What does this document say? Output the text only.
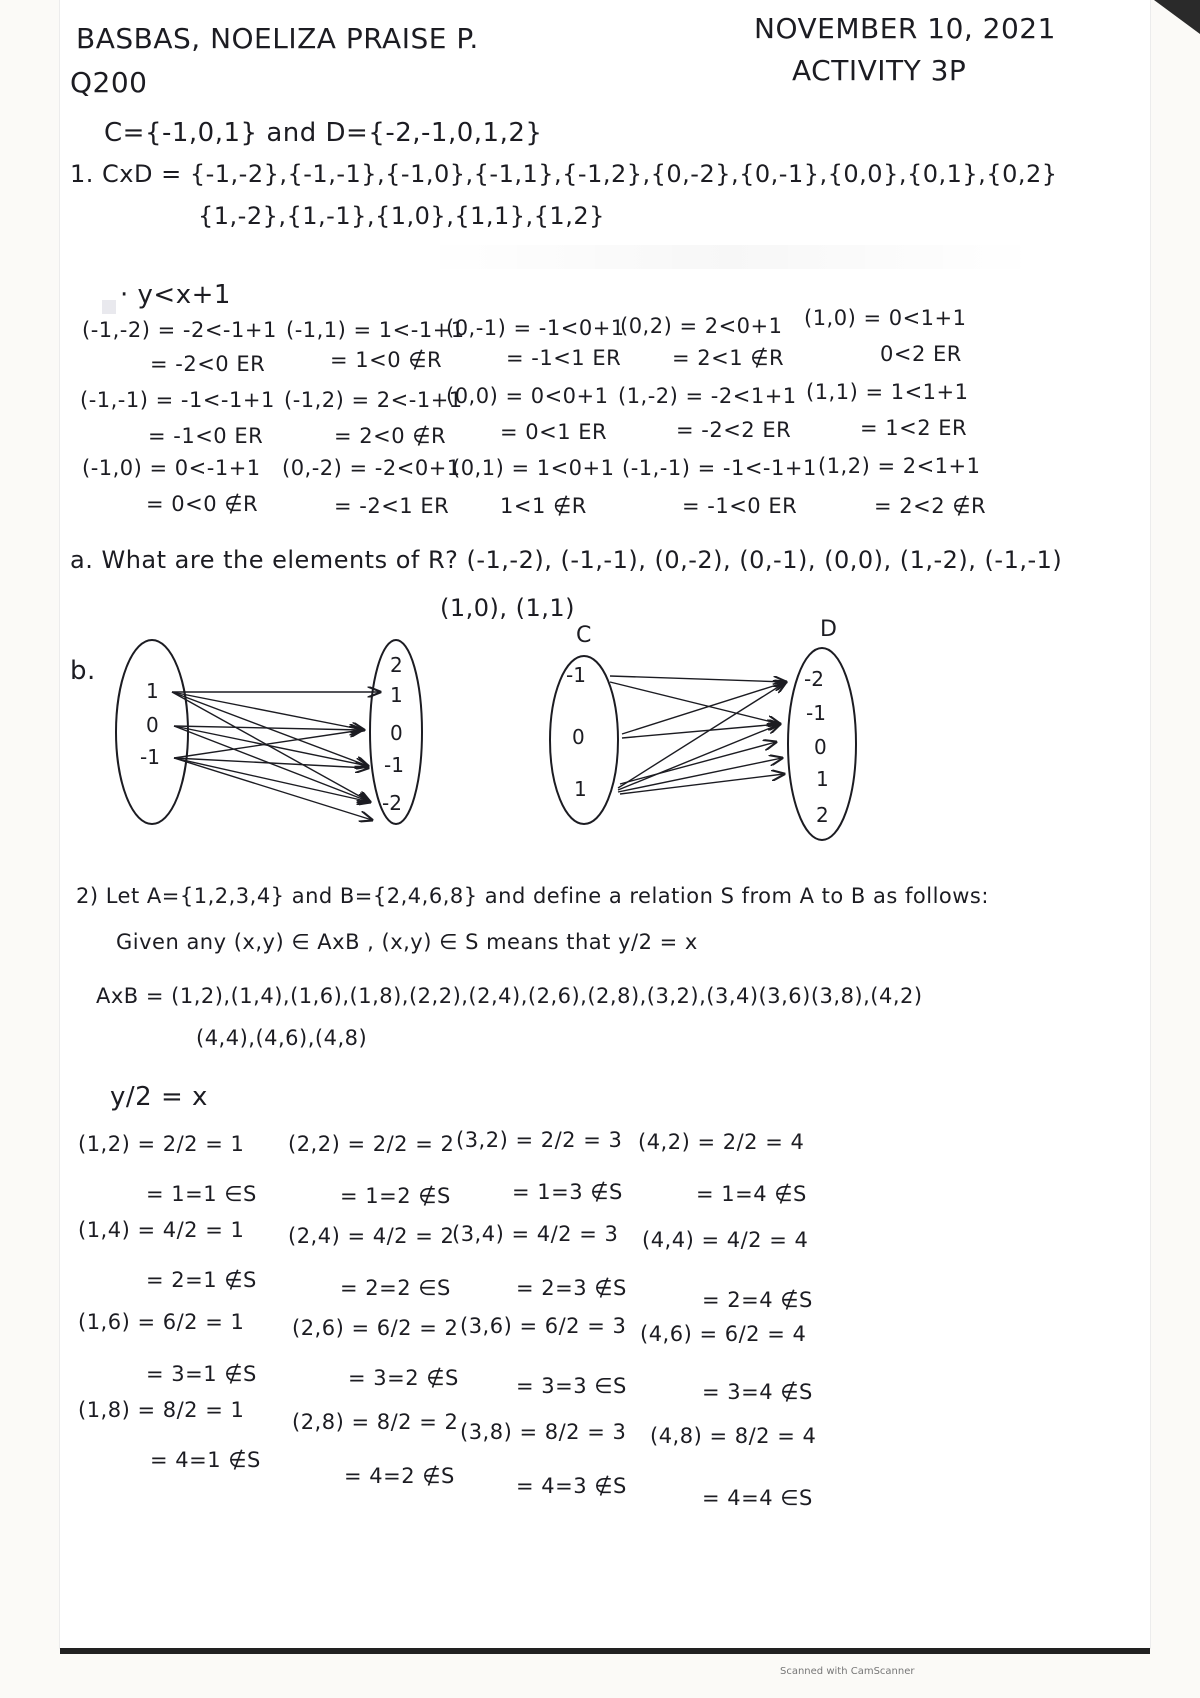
BASBAS, NOELIZA PRAISE P.
Q200
NOVEMBER 10, 2021
ACTIVITY 3P
C={-1,0,1} and D={-2,-1,0,1,2}
1. CxD = {-1,-2},{-1,-1},{-1,0},{-1,1},{-1,2},{0,-2},{0,-1},{0,0},{0,1},{0,2}
{1,-2},{1,-1},{1,0},{1,1},{1,2}
· y<x+1
(-1,-2) = -2<-1+1
= -2<0 ER
(-1,-1) = -1<-1+1
= -1<0 ER
(-1,0) = 0<-1+1
= 0<0 ∉R
(-1,1) = 1<-1+1
= 1<0 ∉R
(-1,2) = 2<-1+1
= 2<0 ∉R
(0,-2) = -2<0+1
= -2<1 ER
(0,-1) = -1<0+1
= -1<1 ER
(0,0) = 0<0+1
= 0<1 ER
(0,1) = 1<0+1
1<1 ∉R
(0,2) = 2<0+1
= 2<1 ∉R
(1,-2) = -2<1+1
= -2<2 ER
(-1,-1) = -1<-1+1
= -1<0 ER
(1,0) = 0<1+1
0<2 ER
(1,1) = 1<1+1
= 1<2 ER
(1,2) = 2<1+1
= 2<2 ∉R
a. What are the elements of R? (-1,-2), (-1,-1), (0,-2), (0,-1), (0,0), (1,-2), (-1,-1)
(1,0), (1,1)
b.
1
0
-1
2
1
0
-1
-2
C	D
-1
0
1
-2
-1
0
1
2
2) Let A={1,2,3,4} and B={2,4,6,8} and define a relation S from A to B as follows:
Given any (x,y) ∈ AxB , (x,y) ∈ S means that y/2 = x
AxB = (1,2),(1,4),(1,6),(1,8),(2,2),(2,4),(2,6),(2,8),(3,2),(3,4)(3,6)(3,8),(4,2)
(4,4),(4,6),(4,8)
y/2 = x
(1,2) = 2/2 = 1
= 1=1 ∈S
(1,4) = 4/2 = 1
= 2=1 ∉S
(1,6) = 6/2 = 1
= 3=1 ∉S
(1,8) = 8/2 = 1
= 4=1 ∉S
(2,2) = 2/2 = 2
= 1=2 ∉S
(2,4) = 4/2 = 2
= 2=2 ∈S
(2,6) = 6/2 = 2
= 3=2 ∉S
(2,8) = 8/2 = 2
= 4=2 ∉S
(3,2) = 2/2 = 3
= 1=3 ∉S
(3,4) = 4/2 = 3
= 2=3 ∉S
(3,6) = 6/2 = 3
= 3=3 ∈S
(3,8) = 8/2 = 3
= 4=3 ∉S
(4,2) = 2/2 = 4
= 1=4 ∉S
(4,4) = 4/2 = 4
= 2=4 ∉S
(4,6) = 6/2 = 4
= 3=4 ∉S
(4,8) = 8/2 = 4
= 4=4 ∈S
Scanned with CamScanner
